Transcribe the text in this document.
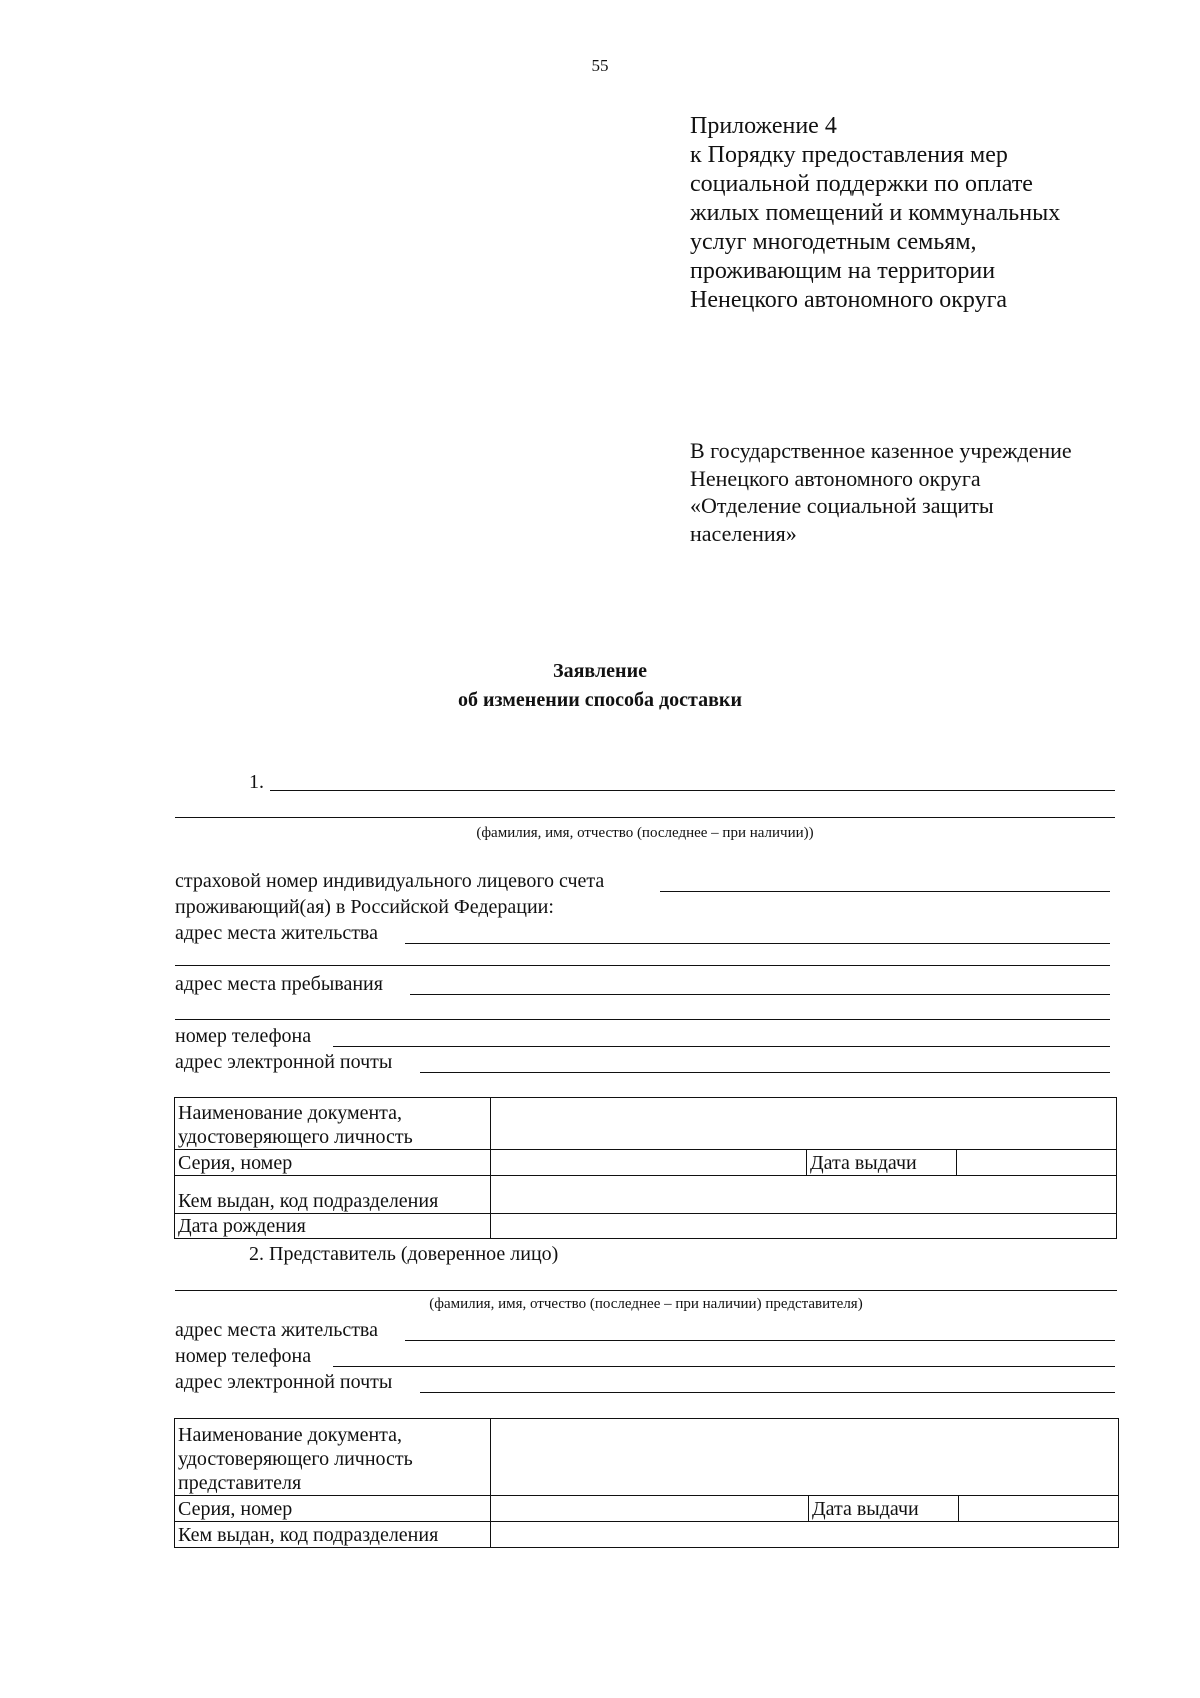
55
Приложение 4
к Порядку предоставления мер
социальной поддержки по оплате
жилых помещений и коммунальных
услуг многодетным семьям,
проживающим на территории
Ненецкого автономного округа
В государственное казенное учреждение
Ненецкого автономного округа
«Отделение социальной защиты
населения»
Заявление
об изменении способа доставки
1.
(фамилия, имя, отчество (последнее – при наличии))
страховой номер индивидуального лицевого счета
проживающий(ая) в Российской Федерации:
адрес места жительства
адрес места пребывания
номер телефона
адрес электронной почты
Наименование документа, удостоверяющего личность			
Серия, номер		Дата выдачи	
Кем выдан, код подразделения			
Дата рождения			
2. Представитель (доверенное лицо)
(фамилия, имя, отчество (последнее – при наличии) представителя)
адрес места жительства
номер телефона
адрес электронной почты
Наименование документа, удостоверяющего личность представителя			
Серия, номер		Дата выдачи	
Кем выдан, код подразделения			
